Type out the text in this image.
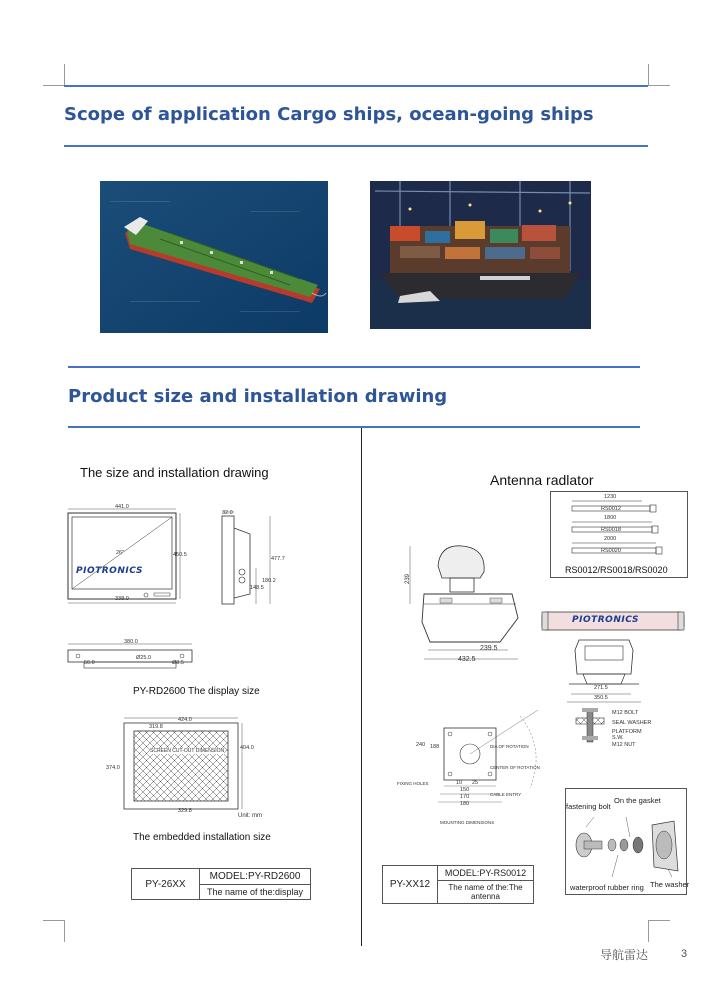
Scope of application Cargo ships, ocean-going ships
Product size and installation drawing
The size and installation drawing
441.0
450.5
338.0
26"
PIOTRONICS
32.0
477.7
180.2
148.5
380.0
Ø25.0
56.0	Ø8.5
PY-RD2600 The display size
424.0
319.8
404.0
374.0
329.8
SCREEN CUT-OUT DIMENSION
Unit: mm
The embedded installation size
PY-26XX	MODEL:PY-RD2600
The name of the:display
Antenna radlator
1230
RS0012
1800
RS0018
2000
RS0020
RS0012/RS0018/RS0020
PIOTRONICS
271.5
350.5
M12 BOLT
SEAL WASHER
PLATFORM
S.W.
M12 NUT
239
239.5
432.5
240 188
10 25
150
170
180
DIA OF ROTATION
CENTER OF ROTATION
CABLE ENTRY
FIXING HOLES
MOUNTING DIMENSIONS
fastening bolt
On the gasket
waterproof rubber ring The washer
PY-XX12	MODEL:PY-RS0012
The name of the:The antenna
导航雷达	3
